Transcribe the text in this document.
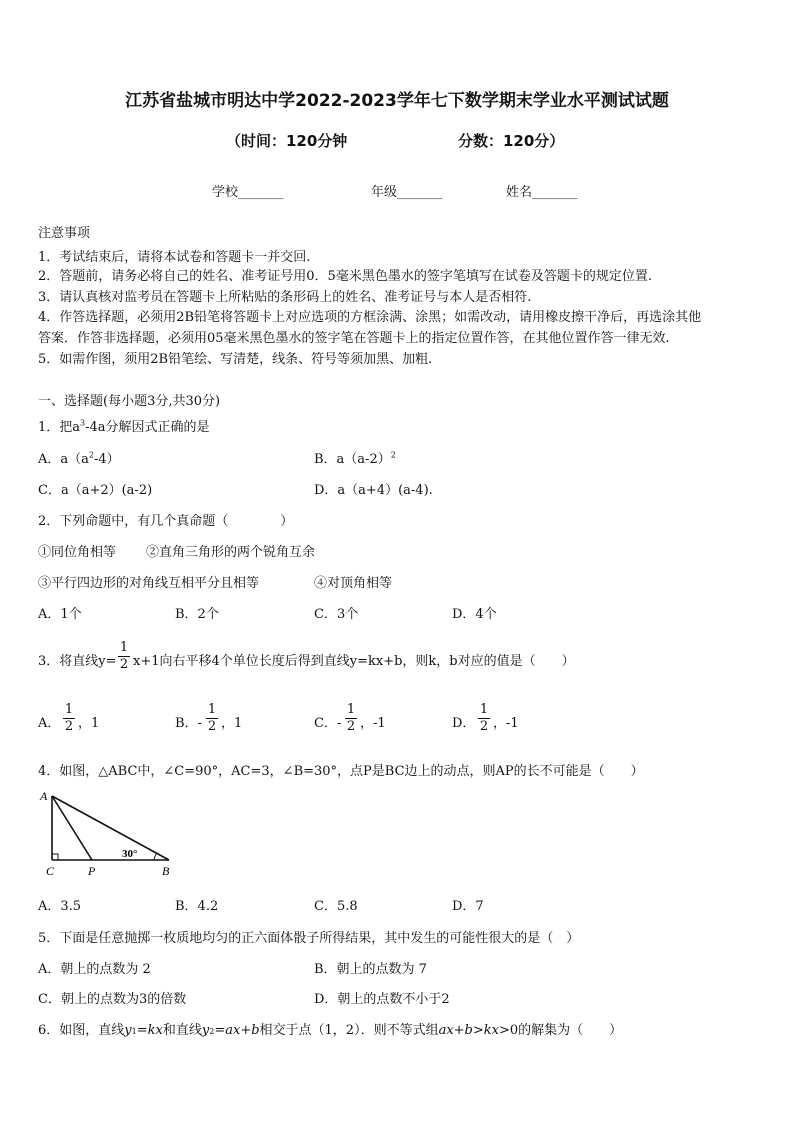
江苏省盐城市明达中学2022-2023学年七下数学期末学业水平测试试题
（时间：120分钟	分数：120分）
学校_______	年级_______	姓名_______
注意事项
1．考试结束后，请将本试卷和答题卡一并交回.
2．答题前，请务必将自己的姓名、准考证号用0．5毫米黑色墨水的签字笔填写在试卷及答题卡的规定位置.
3．请认真核对监考员在答题卡上所粘贴的条形码上的姓名、准考证号与本人是否相符.
4．作答选择题，必须用2B铅笔将答题卡上对应选项的方框涂满、涂黑；如需改动，请用橡皮擦干净后，再选涂其他
答案．作答非选择题，必须用05毫米黑色墨水的签字笔在答题卡上的指定位置作答，在其他位置作答一律无效.
5．如需作图，须用2B铅笔绘、写清楚，线条、符号等须加黑、加粗.
一、选择题(每小题3分,共30分)
1．把$a^3-4a$分解因式正确的是
A．$a(a^2-4)$	B．$a(a-2)^2$
C．a（a+2）(a-2)	D．a（a+4）(a-4).
2．下列命题中，有几个真命题（　　　　）
①同位角相等 ②直角三角形的两个锐角互余
③平行四边形的对角线互相平分且相等	④对顶角相等
A．1个	B．2个	C．3个	D．4个
3．将直线$y= \frac{1}{2} x+1$向右平移4个单位长度后得到直线y=kx+b，则k，b对应的值是（　　）
A． $\frac{1}{2}$ ，1	B．- $\frac{1}{2}$ ，1	C．- $\frac{1}{2}$ ，-1	D． $\frac{1}{2}$ ，-1
4．如图，△ABC中，∠C=90°，AC=3，∠B=30°，点P是BC边上的动点，则AP的长不可能是（　　）
A
C	P	B
30°
A．3.5	B．4.2	C．5.8	D．7
5．下面是任意抛掷一枚质地均匀的正六面体骰子所得结果，其中发生的可能性很大的是（　）
A．朝上的点数为 2	B．朝上的点数为 7
C．朝上的点数为3的倍数	D．朝上的点数不小于2
6．如图，直线y1=kx和直线y2=ax+b相交于点（1，2）．则不等式组ax+b>kx>0的解集为（　　）
